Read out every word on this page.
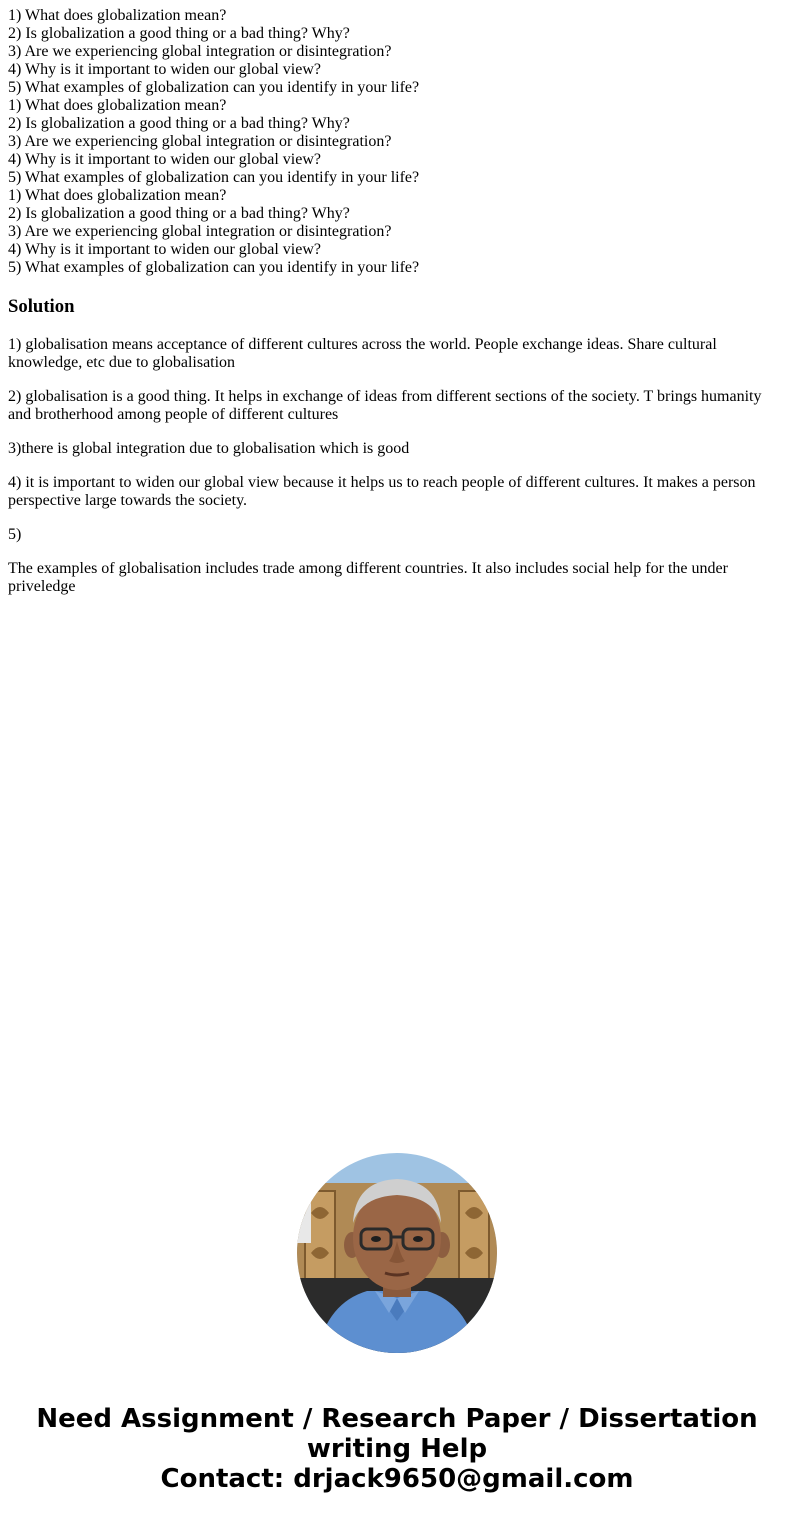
1) What does globalization mean?
2) Is globalization a good thing or a bad thing? Why?
3) Are we experiencing global integration or disintegration?
4) Why is it important to widen our global view?
5) What examples of globalization can you identify in your life?
1) What does globalization mean?
2) Is globalization a good thing or a bad thing? Why?
3) Are we experiencing global integration or disintegration?
4) Why is it important to widen our global view?
5) What examples of globalization can you identify in your life?
1) What does globalization mean?
2) Is globalization a good thing or a bad thing? Why?
3) Are we experiencing global integration or disintegration?
4) Why is it important to widen our global view?
5) What examples of globalization can you identify in your life?
Solution

1) globalisation means acceptance of different cultures across the world. People exchange ideas. Share cultural knowledge, etc due to globalisation

2) globalisation is a good thing. It helps in exchange of ideas from different sections of the society. T brings humanity and brotherhood among people of different cultures

3)there is global integration due to globalisation which is good

4) it is important to widen our global view because it helps us to reach people of different cultures. It makes a person perspective large towards the society.

5)

The examples of globalisation includes trade among different countries. It also includes social help for the under priveledge

Need Assignment / Research Paper / Dissertation
writing Help
Contact: drjack9650@gmail.com
